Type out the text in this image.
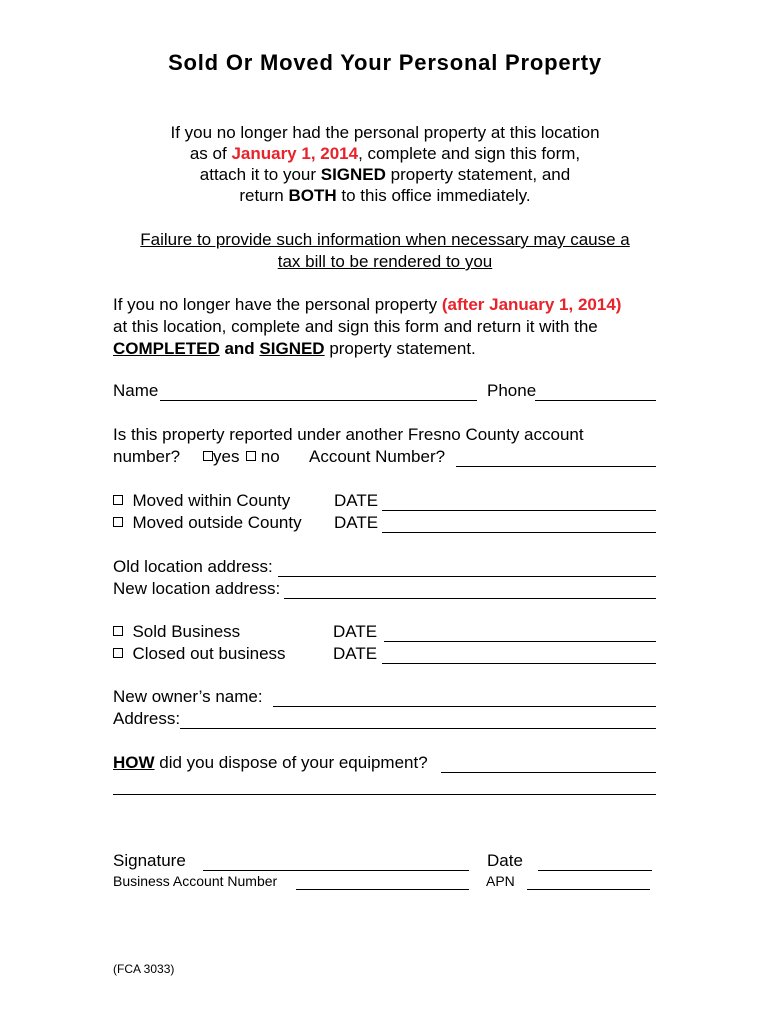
Sold Or Moved Your Personal Property
If you no longer had the personal property at this location
as of January 1, 2014, complete and sign this form,
attach it to your SIGNED property statement, and
return BOTH to this office immediately.
Failure to provide such information when necessary may cause a
tax bill to be rendered to you
If you no longer have the personal property (after January 1, 2014)
at this location, complete and sign this form and return it with the
COMPLETED and SIGNED property statement.
Name	Phone
Is this property reported under another Fresno County account
number?	yes	no Account Number?
Moved within County	DATE
Moved outside County DATE
Old location address:
New location address:
Sold Business	DATE
Closed out business	DATE
New owner’s name:
Address:
HOW did you dispose of your equipment?
Signature	Date
Business Account Number	APN
(FCA 3033)
